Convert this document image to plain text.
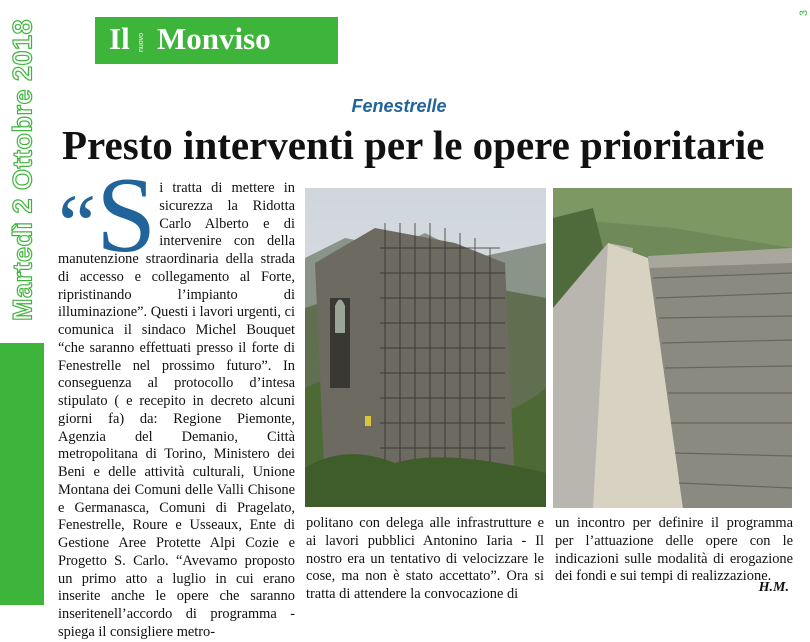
Martedì 2 Ottobre 2018
3
Il nuovo Monviso
Fenestrelle
Presto interventi per le opere prioritarie
“S i tratta di mettere in sicurezza la Ridotta Carlo Alberto e di intervenire con della manutenzione straordinaria della strada di accesso e collegamento al Forte, ripristinando l’impianto di illuminazione”. Questi i lavori urgenti, ci comunica il sindaco Michel Bouquet “che saranno effettuati presso il forte di Fenestrelle nel prossimo futuro”. In conseguenza al protocollo d’intesa stipulato ( e recepito in decreto alcuni giorni fa) da: Regione Piemonte, Agenzia del Demanio, Città metropolitana di Torino, Ministero dei Beni e delle attività culturali, Unione Montana dei Comuni delle Valli Chisone e Germanasca, Comuni di Pragelato, Fenestrelle, Roure e Usseaux, Ente di Gestione Aree Protette Alpi Cozie e Progetto S. Carlo. “Avevamo proposto un primo atto a luglio in cui erano inserite anche le opere che saranno inseritenell’accordo di programma - spiega il consigliere metro-

politano con delega alle infrastrutture e ai lavori pubblici Antonino Iaria - Il nostro era un tentativo di velocizzare le cose, ma non è stato accettato”. Ora si tratta di attendere la convocazione di

un incontro per definire il programma per l’attuazione delle opere con le indicazioni sulle modalità di erogazione dei fondi e sui tempi di realizzazione.

H.M.
